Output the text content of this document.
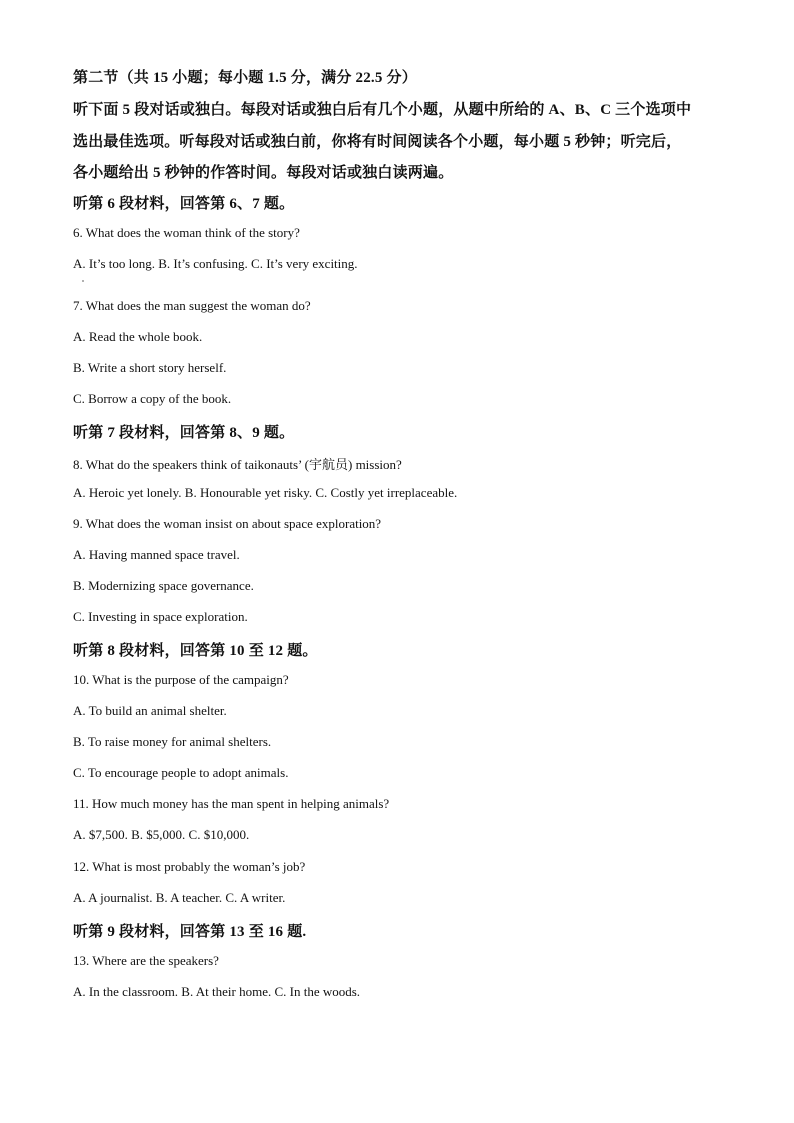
第二节（共 15 小题；每小题 1.5 分，满分 22.5 分）
听下面 5 段对话或独白。每段对话或独白后有几个小题，从题中所给的 A、B、C 三个选项中
选出最佳选项。听每段对话或独白前，你将有时间阅读各个小题，每小题 5 秒钟；听完后，
各小题给出 5 秒钟的作答时间。每段对话或独白读两遍。
听第 6 段材料，回答第 6、7 题。
6. What does the woman think of the story?
A. It’s too long. B. It’s confusing. C. It’s very exciting.
7. What does the man suggest the woman do?
A. Read the whole book.
B. Write a short story herself.
C. Borrow a copy of the book.
听第 7 段材料，回答第 8、9 题。
8. What do the speakers think of taikonauts’ (宇航员) mission?
A. Heroic yet lonely. B. Honourable yet risky. C. Costly yet irreplaceable.
9. What does the woman insist on about space exploration?
A. Having manned space travel.
B. Modernizing space governance.
C. Investing in space exploration.
听第 8 段材料，回答第 10 至 12 题。
10. What is the purpose of the campaign?
A. To build an animal shelter.
B. To raise money for animal shelters.
C. To encourage people to adopt animals.
11. How much money has the man spent in helping animals?
A. $7,500. B. $5,000. C. $10,000.
12. What is most probably the woman’s job?
A. A journalist. B. A teacher. C. A writer.
听第 9 段材料，回答第 13 至 16 题.
13. Where are the speakers?
A. In the classroom. B. At their home. C. In the woods.
